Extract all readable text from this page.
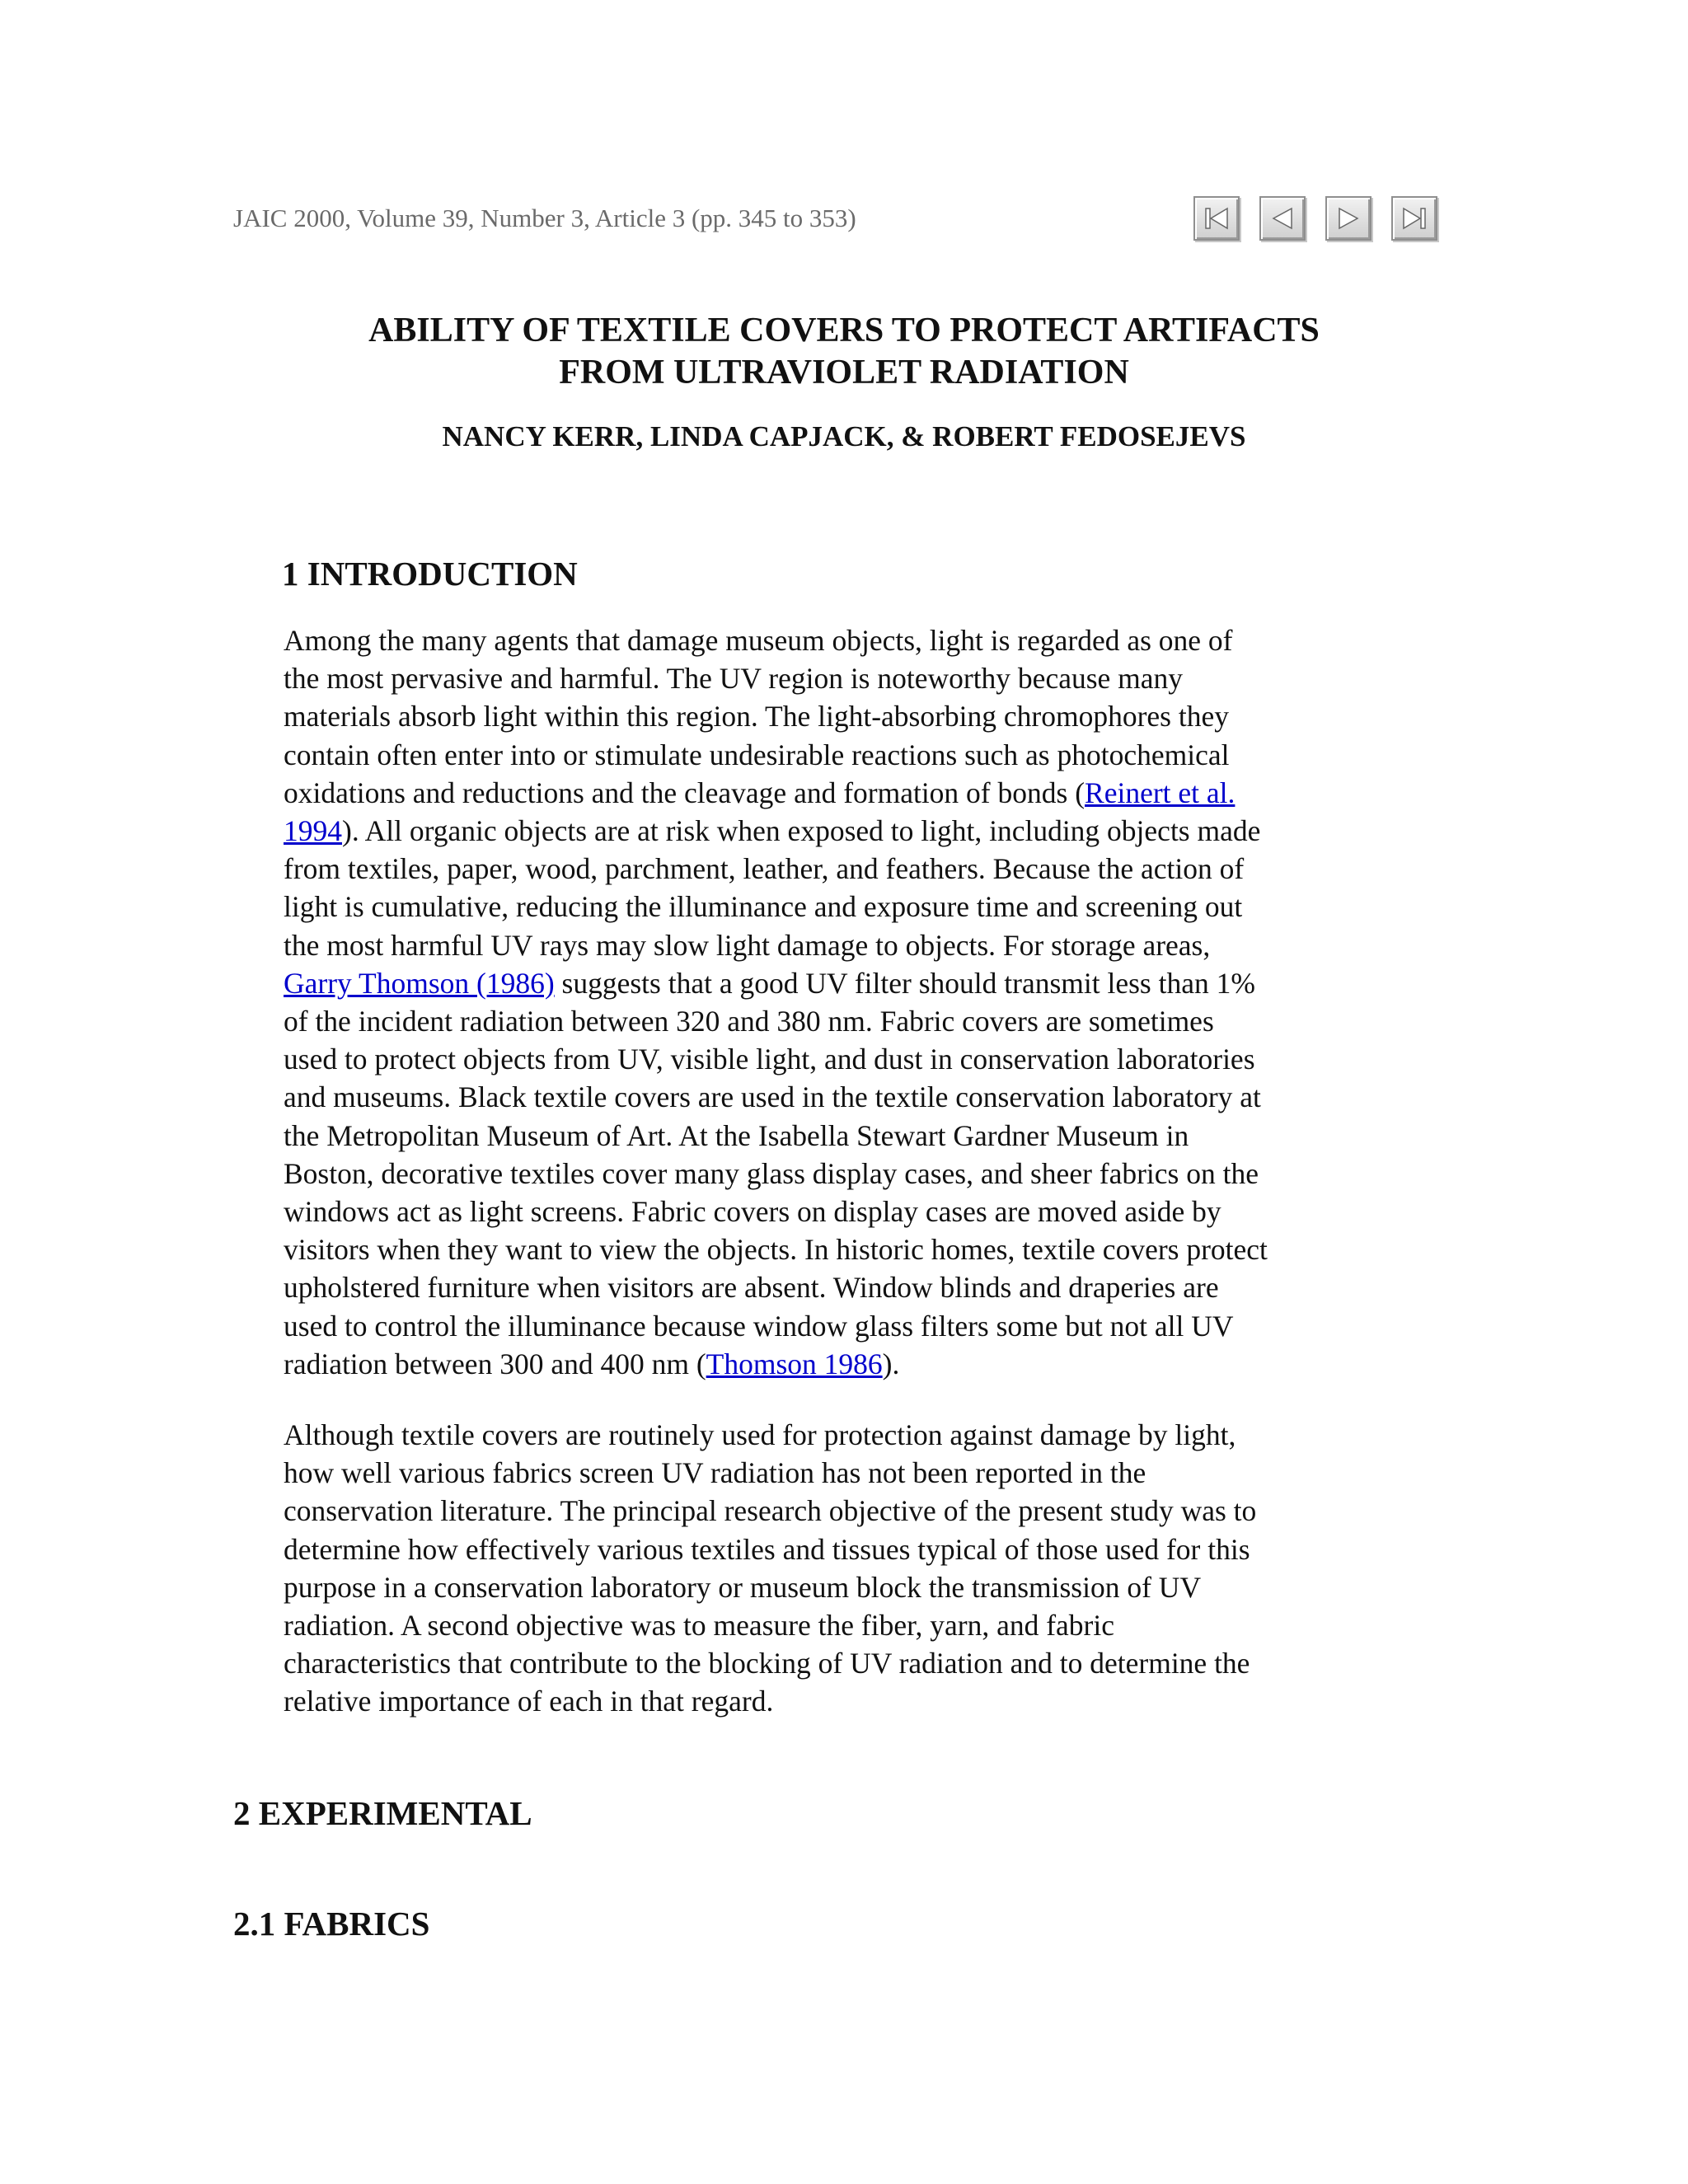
JAIC 2000, Volume 39, Number 3, Article 3 (pp. 345 to 353)
ABILITY OF TEXTILE COVERS TO PROTECT ARTIFACTS
FROM ULTRAVIOLET RADIATION

NANCY KERR, LINDA CAPJACK, & ROBERT FEDOSEJEVS

1 INTRODUCTION

Among the many agents that damage museum objects, light is regarded as one of
the most pervasive and harmful. The UV region is noteworthy because many
materials absorb light within this region. The light-absorbing chromophores they
contain often enter into or stimulate undesirable reactions such as photochemical
oxidations and reductions and the cleavage and formation of bonds (Reinert et al.
1994). All organic objects are at risk when exposed to light, including objects made
from textiles, paper, wood, parchment, leather, and feathers. Because the action of
light is cumulative, reducing the illuminance and exposure time and screening out
the most harmful UV rays may slow light damage to objects. For storage areas,
Garry Thomson (1986) suggests that a good UV filter should transmit less than 1%
of the incident radiation between 320 and 380 nm. Fabric covers are sometimes
used to protect objects from UV, visible light, and dust in conservation laboratories
and museums. Black textile covers are used in the textile conservation laboratory at
the Metropolitan Museum of Art. At the Isabella Stewart Gardner Museum in
Boston, decorative textiles cover many glass display cases, and sheer fabrics on the
windows act as light screens. Fabric covers on display cases are moved aside by
visitors when they want to view the objects. In historic homes, textile covers protect
upholstered furniture when visitors are absent. Window blinds and draperies are
used to control the illuminance because window glass filters some but not all UV
radiation between 300 and 400 nm (Thomson 1986).

Although textile covers are routinely used for protection against damage by light,
how well various fabrics screen UV radiation has not been reported in the
conservation literature. The principal research objective of the present study was to
determine how effectively various textiles and tissues typical of those used for this
purpose in a conservation laboratory or museum block the transmission of UV
radiation. A second objective was to measure the fiber, yarn, and fabric
characteristics that contribute to the blocking of UV radiation and to determine the
relative importance of each in that regard.

2 EXPERIMENTAL
2.1 FABRICS
